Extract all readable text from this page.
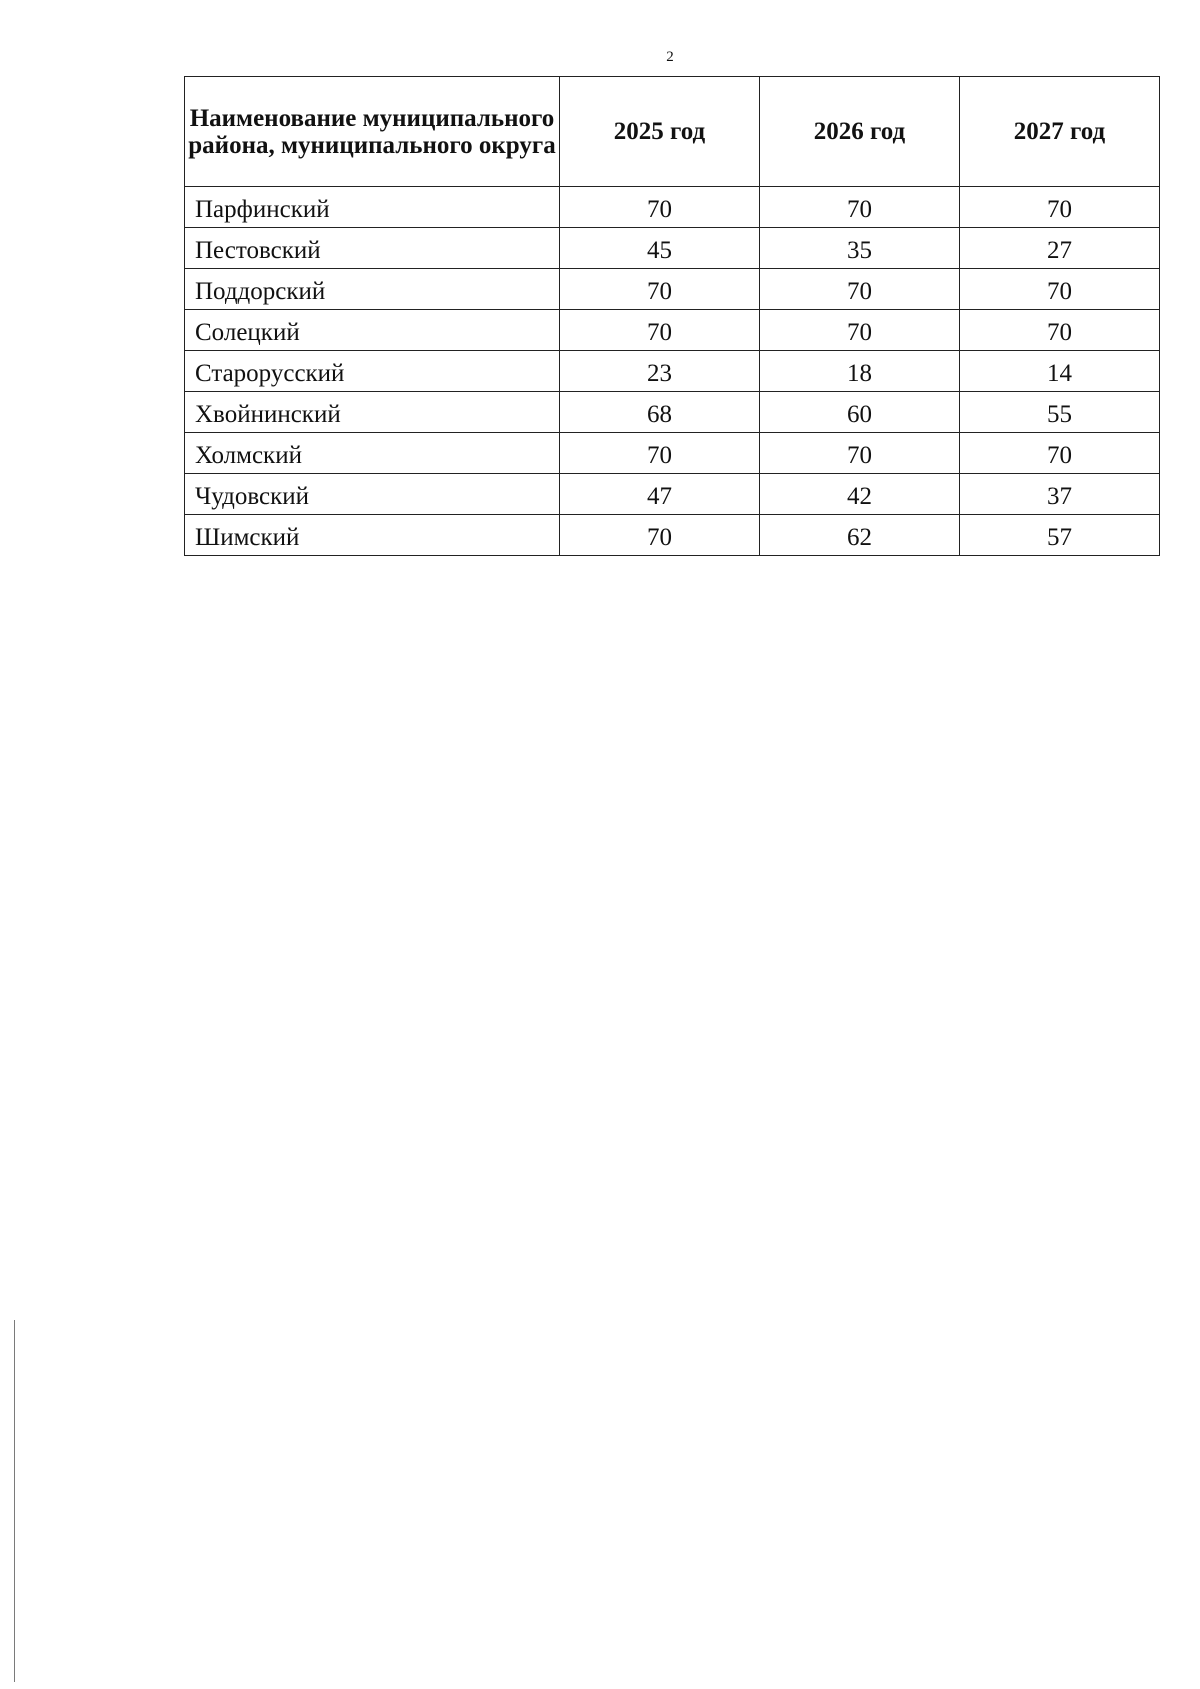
2
Наименование муниципального района, муниципального округа	2025 год	2026 год	2027 год
Парфинский	70	70	70
Пестовский	45	35	27
Поддорский	70	70	70
Солецкий	70	70	70
Старорусский	23	18	14
Хвойнинский	68	60	55
Холмский	70	70	70
Чудовский	47	42	37
Шимский	70	62	57
